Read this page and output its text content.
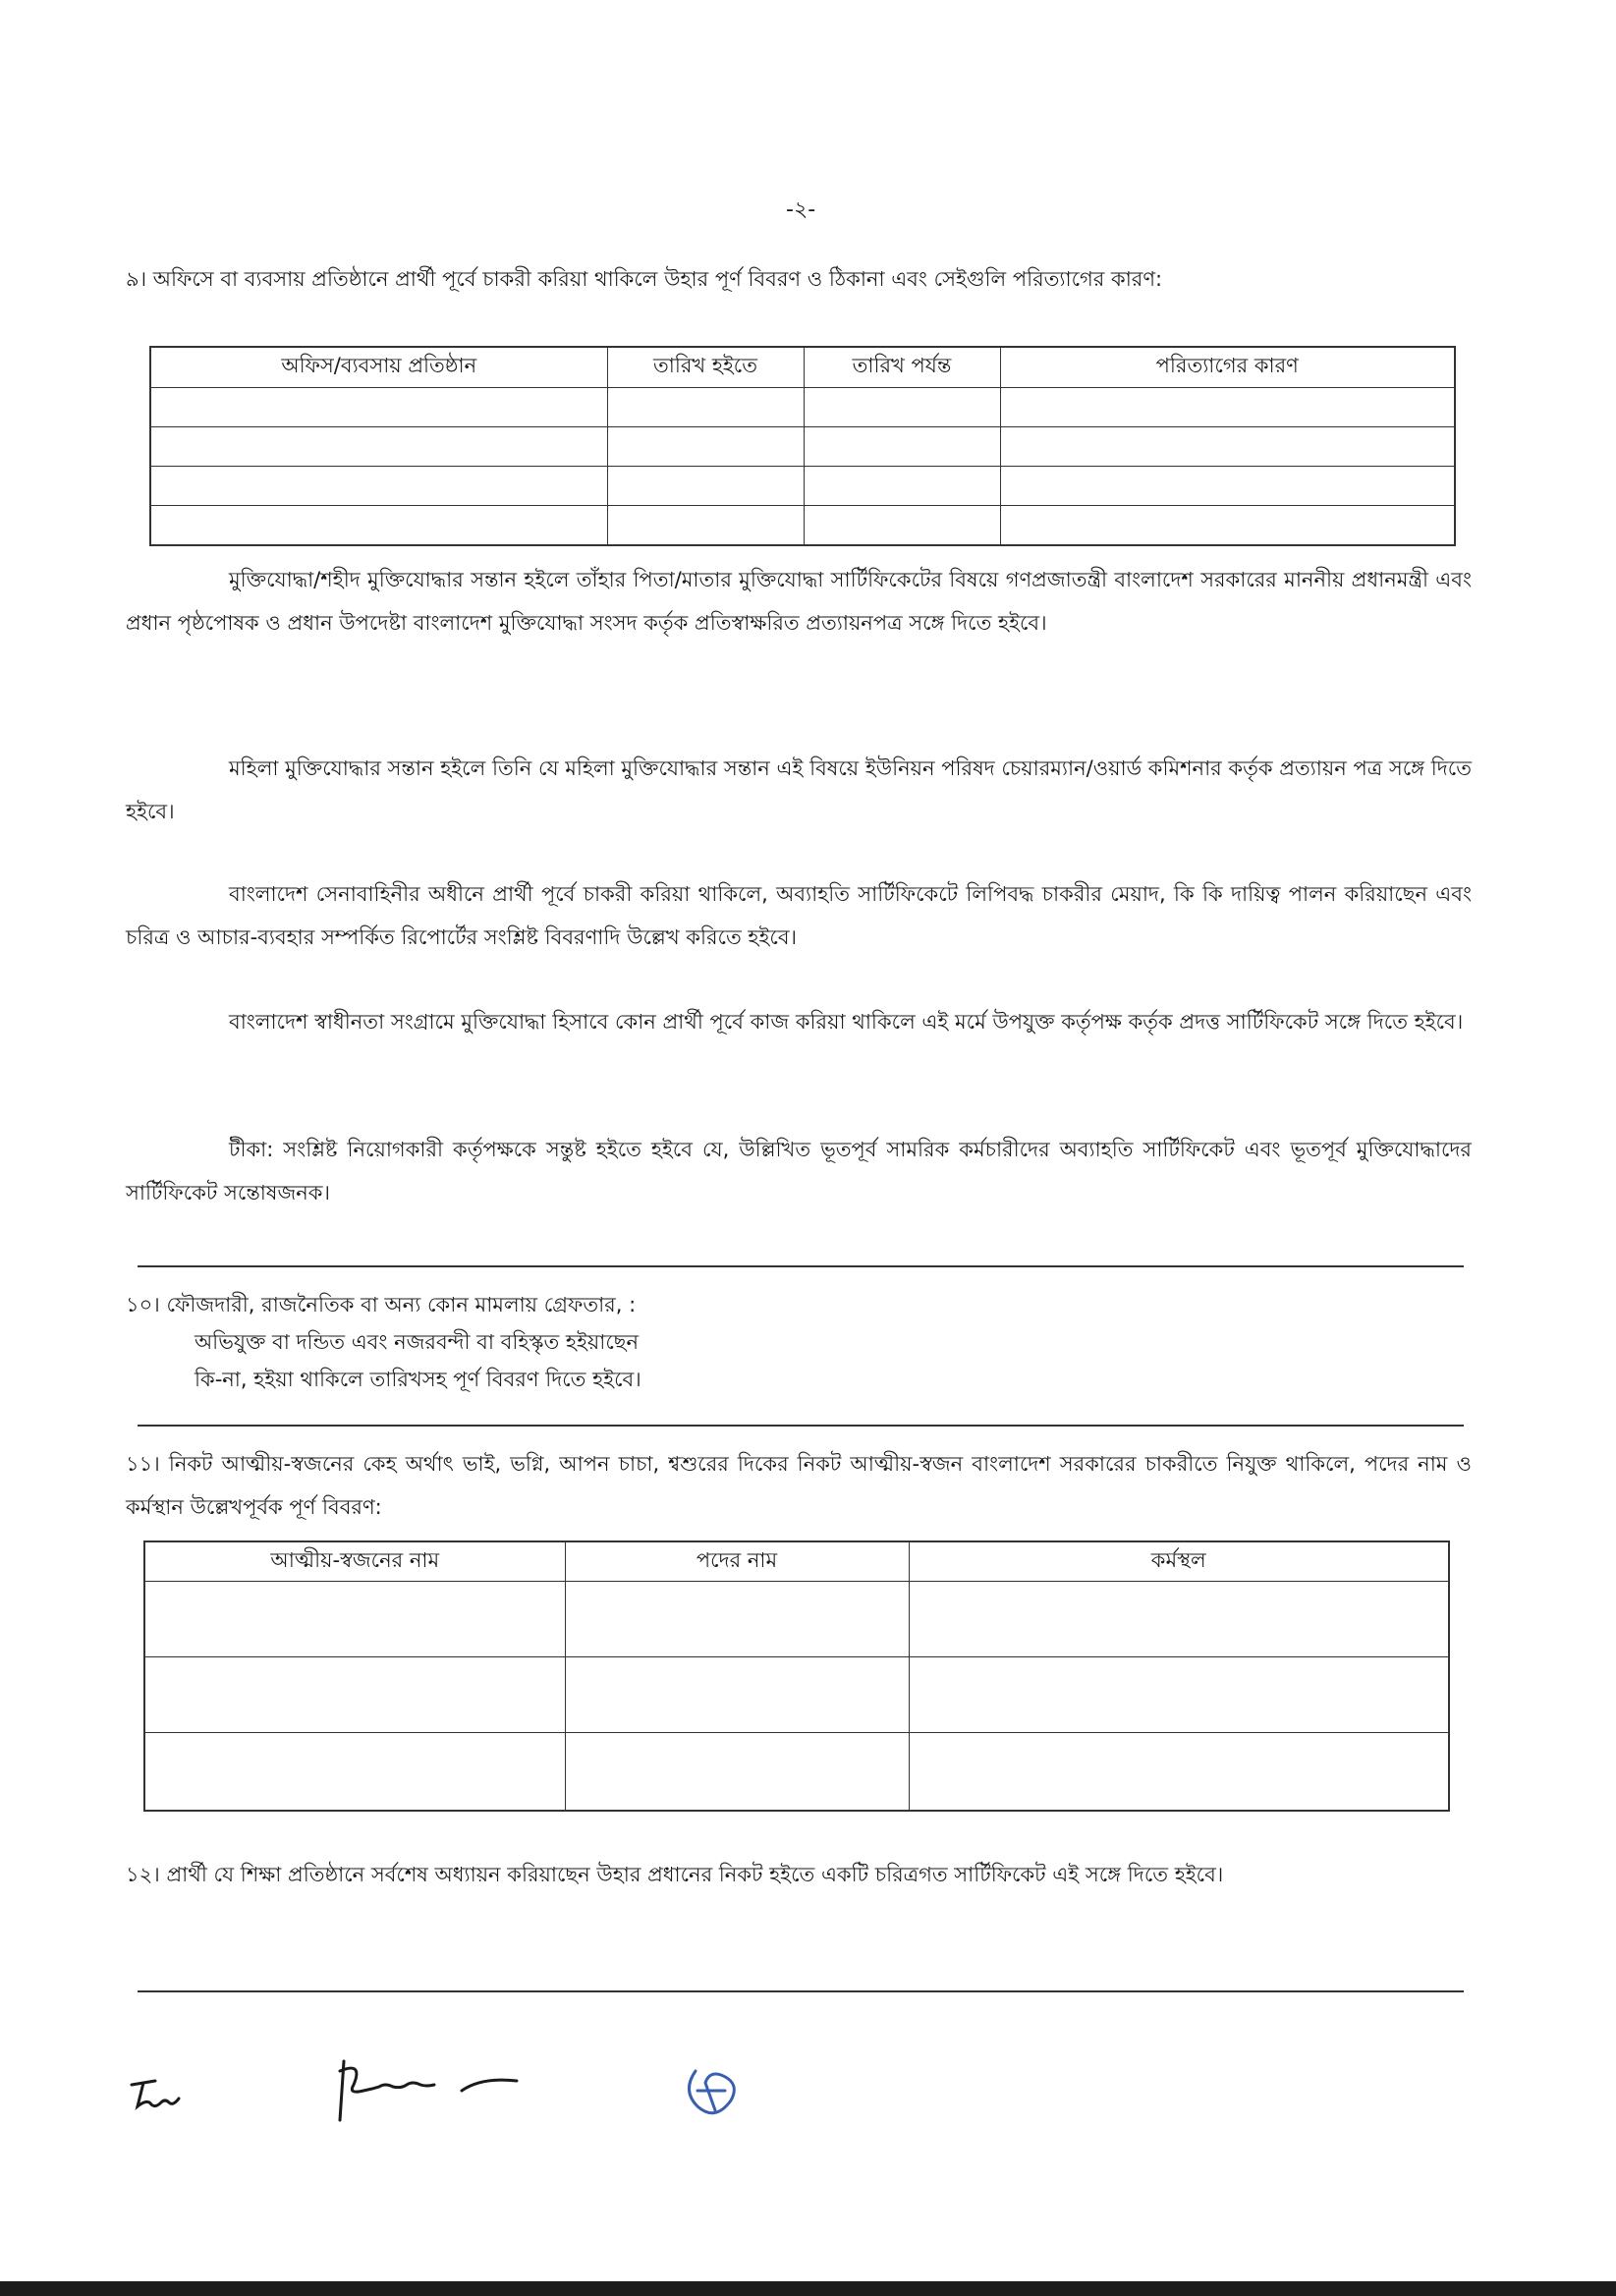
-২-

৯। অফিসে বা ব্যবসায় প্রতিষ্ঠানে প্রার্থী পূর্বে চাকরী করিয়া থাকিলে উহার পূর্ণ বিবরণ ও ঠিকানা এবং সেইগুলি পরিত্যাগের কারণ:

অফিস/ব্যবসায় প্রতিষ্ঠান	তারিখ হইতে	তারিখ পর্যন্ত	পরিত্যাগের কারণ

মুক্তিযোদ্ধা/শহীদ মুক্তিযোদ্ধার সন্তান হইলে তাঁহার পিতা/মাতার মুক্তিযোদ্ধা সার্টিফিকেটের বিষয়ে গণপ্রজাতন্ত্রী বাংলাদেশ সরকারের মাননীয় প্রধানমন্ত্রী এবং প্রধান পৃষ্ঠপোষক ও প্রধান উপদেষ্টা বাংলাদেশ মুক্তিযোদ্ধা সংসদ কর্তৃক প্রতিস্বাক্ষরিত প্রত্যায়নপত্র সঙ্গে দিতে হইবে।

মহিলা মুক্তিযোদ্ধার সন্তান হইলে তিনি যে মহিলা মুক্তিযোদ্ধার সন্তান এই বিষয়ে ইউনিয়ন পরিষদ চেয়ারম্যান/ওয়ার্ড কমিশনার কর্তৃক প্রত্যায়ন পত্র সঙ্গে দিতে হইবে।

বাংলাদেশ সেনাবাহিনীর অধীনে প্রার্থী পূর্বে চাকরী করিয়া থাকিলে, অব্যাহতি সার্টিফিকেটে লিপিবদ্ধ চাকরীর মেয়াদ, কি কি দায়িত্ব পালন করিয়াছেন এবং চরিত্র ও আচার-ব্যবহার সম্পর্কিত রিপোর্টের সংশ্লিষ্ট বিবরণাদি উল্লেখ করিতে হইবে।

বাংলাদেশ স্বাধীনতা সংগ্রামে মুক্তিযোদ্ধা হিসাবে কোন প্রার্থী পূর্বে কাজ করিয়া থাকিলে এই মর্মে উপযুক্ত কর্তৃপক্ষ কর্তৃক প্রদত্ত সার্টিফিকেট সঙ্গে দিতে হইবে।

টীকা: সংশ্লিষ্ট নিয়োগকারী কর্তৃপক্ষকে সন্তুষ্ট হইতে হইবে যে, উল্লিখিত ভূতপূর্ব সামরিক কর্মচারীদের অব্যাহতি সার্টিফিকেট এবং ভূতপূর্ব মুক্তিযোদ্ধাদের সার্টিফিকেট সন্তোষজনক।

১০। ফৌজদারী, রাজনৈতিক বা অন্য কোন মামলায় গ্রেফতার, :

অভিযুক্ত বা দন্ডিত এবং নজরবন্দী বা বহিস্কৃত হইয়াছেন

কি-না, হইয়া থাকিলে তারিখসহ পূর্ণ বিবরণ দিতে হইবে।

১১। নিকট আত্মীয়-স্বজনের কেহ অর্থাৎ ভাই, ভগ্নি, আপন চাচা, শ্বশুরের দিকের নিকট আত্মীয়-স্বজন বাংলাদেশ সরকারের চাকরীতে নিযুক্ত থাকিলে, পদের নাম ও কর্মস্থান উল্লেখপূর্বক পূর্ণ বিবরণ:

আত্মীয়-স্বজনের নাম	পদের নাম	কর্মস্থল

১২। প্রার্থী যে শিক্ষা প্রতিষ্ঠানে সর্বশেষ অধ্যায়ন করিয়াছেন উহার প্রধানের নিকট হইতে একটি চরিত্রগত সার্টিফিকেট এই সঙ্গে দিতে হইবে।
